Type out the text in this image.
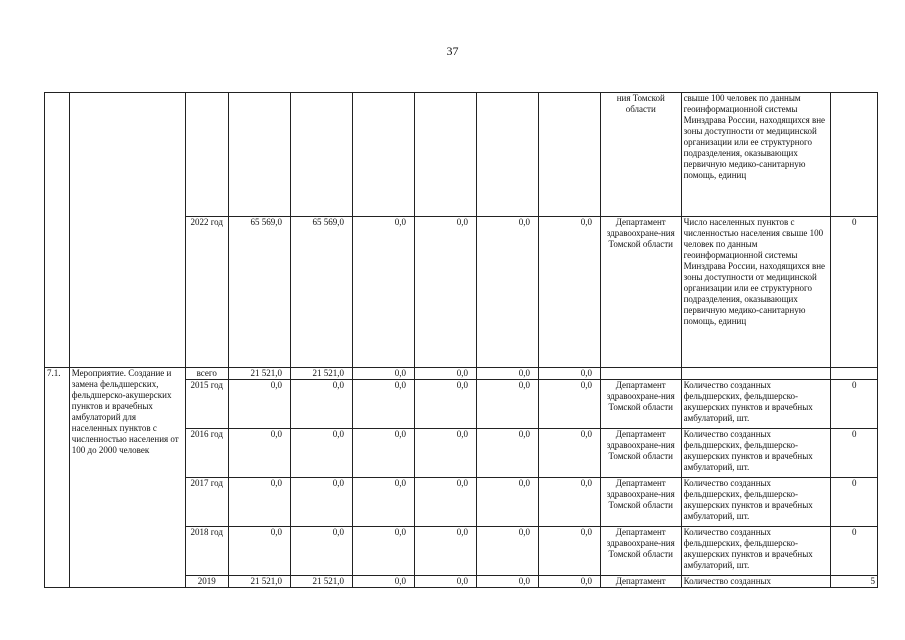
37
									ния Томской области	свыше 100 человек по данным геоинформационной системы Минздрава России, находящихся вне зоны доступности от медицинской организации или ее структурного подразделения, оказывающих первичную медико-санитарную помощь, единиц	
		2022 год	65 569,0	65 569,0	0,0	0,0	0,0	0,0	Департамент здравоохране-ния Томской области	Число населенных пунктов с численностью населения свыше 100 человек по данным геоинформационной системы Минздрава России, находящихся вне зоны доступности от медицинской организации или ее структурного подразделения, оказывающих первичную медико-санитарную помощь, единиц	0
7.1.	Мероприятие. Создание и замена фельдшерских, фельдшерско-акушерских пунктов и врачебных амбулаторий для населенных пунктов с численностью населения от 100 до 2000 человек	всего	21 521,0	21 521,0	0,0	0,0	0,0	0,0			
		2015 год	0,0	0,0	0,0	0,0	0,0	0,0	Департамент здравоохране-ния Томской области	Количество созданных фельдшерских, фельдшерско-акушерских пунктов и врачебных амбулаторий, шт.	0
		2016 год	0,0	0,0	0,0	0,0	0,0	0,0	Департамент здравоохране-ния Томской области	Количество созданных фельдшерских, фельдшерско-акушерских пунктов и врачебных амбулаторий, шт.	0
		2017 год	0,0	0,0	0,0	0,0	0,0	0,0	Департамент здравоохране-ния Томской области	Количество созданных фельдшерских, фельдшерско-акушерских пунктов и врачебных амбулаторий, шт.	0
		2018 год	0,0	0,0	0,0	0,0	0,0	0,0	Департамент здравоохране-ния Томской области	Количество созданных фельдшерских, фельдшерско-акушерских пунктов и врачебных амбулаторий, шт.	0
		2019	21 521,0	21 521,0	0,0	0,0	0,0	0,0	Департамент	Количество созданных	5
